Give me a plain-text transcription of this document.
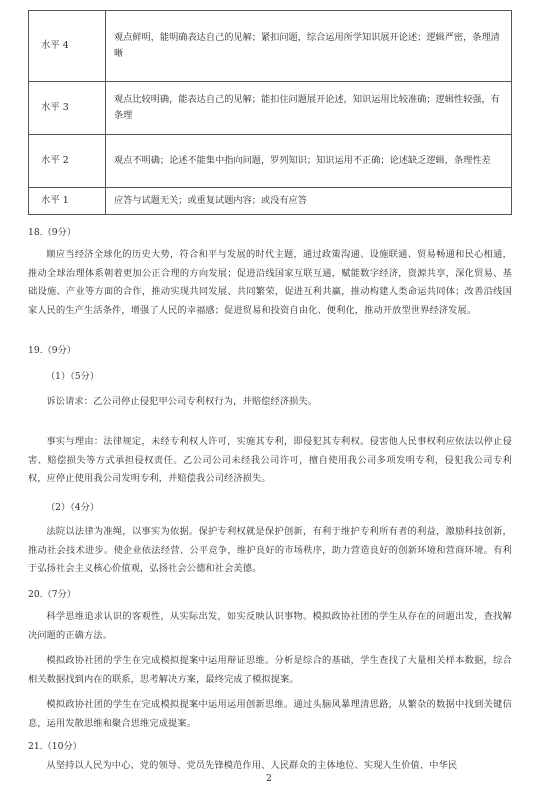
水平 4	观点鲜明，能明确表达自己的见解；紧扣问题，综合运用所学知识展开论述；逻辑严密，条理清晰
水平 3	观点比较明确，能表达自己的见解；能扣住问题展开论述，知识运用比较准确；逻辑性较强，有条理
水平 2	观点不明确；论述不能集中指向问题，罗列知识；知识运用不正确；论述缺乏逻辑，条理性差
水平 1	应答与试题无关；或重复试题内容；或没有应答
18.（9分）
顺应当经济全球化的历史大势，符合和平与发展的时代主题，通过政策沟通、设施联通、贸易畅通和民心相通，推动全球治理体系朝着更加公正合理的方向发展；促进沿线国家互联互通，赋能数字经济，资源共享，深化贸易、基础设施、产业等方面的合作，推动实现共同发展、共同繁荣，促进互利共赢，推动构建人类命运共同体；改善沿线国家人民的生产生活条件，增强了人民的幸福感；促进贸易和投资自由化、便利化，推动开放型世界经济发展。
19.（9分）
（1）（5分）
诉讼请求：乙公司停止侵犯甲公司专利权行为，并赔偿经济损失。
事实与理由：法律规定，未经专利权人许可，实施其专利，即侵犯其专利权。侵害他人民事权利应依法以停止侵害、赔偿损失等方式承担侵权责任。乙公司公司未经我公司许可，擅自使用我公司多项发明专利，侵犯我公司专利权，应停止使用我公司发明专利，并赔偿我公司经济损失。
（2）（4分）
法院以法律为准绳，以事实为依据。保护专利权就是保护创新，有利于维护专利所有者的利益，激励科技创新，推动社会技术进步。使企业依法经营、公平竞争，维护良好的市场秩序，助力营造良好的创新环境和营商环境。有利于弘扬社会主义核心价值观，弘扬社会公德和社会美德。
20.（7分）
科学思维追求认识的客观性，从实际出发，如实反映认识事物。模拟政协社团的学生从存在的问题出发，查找解决问题的正确方法。
模拟政协社团的学生在完成模拟提案中运用辩证思维。分析是综合的基础，学生查找了大量相关样本数据，综合相关数据找到内在的联系，思考解决方案，最终完成了模拟提案。
模拟政协社团的学生在完成模拟提案中运用运用创新思维。通过头脑风暴理清思路，从繁杂的数据中找到关键信息，运用发散思维和聚合思维完成提案。
21.（10分）
从坚持以人民为中心、党的领导、党员先锋模范作用、人民群众的主体地位、实现人生价值、中华民
2
